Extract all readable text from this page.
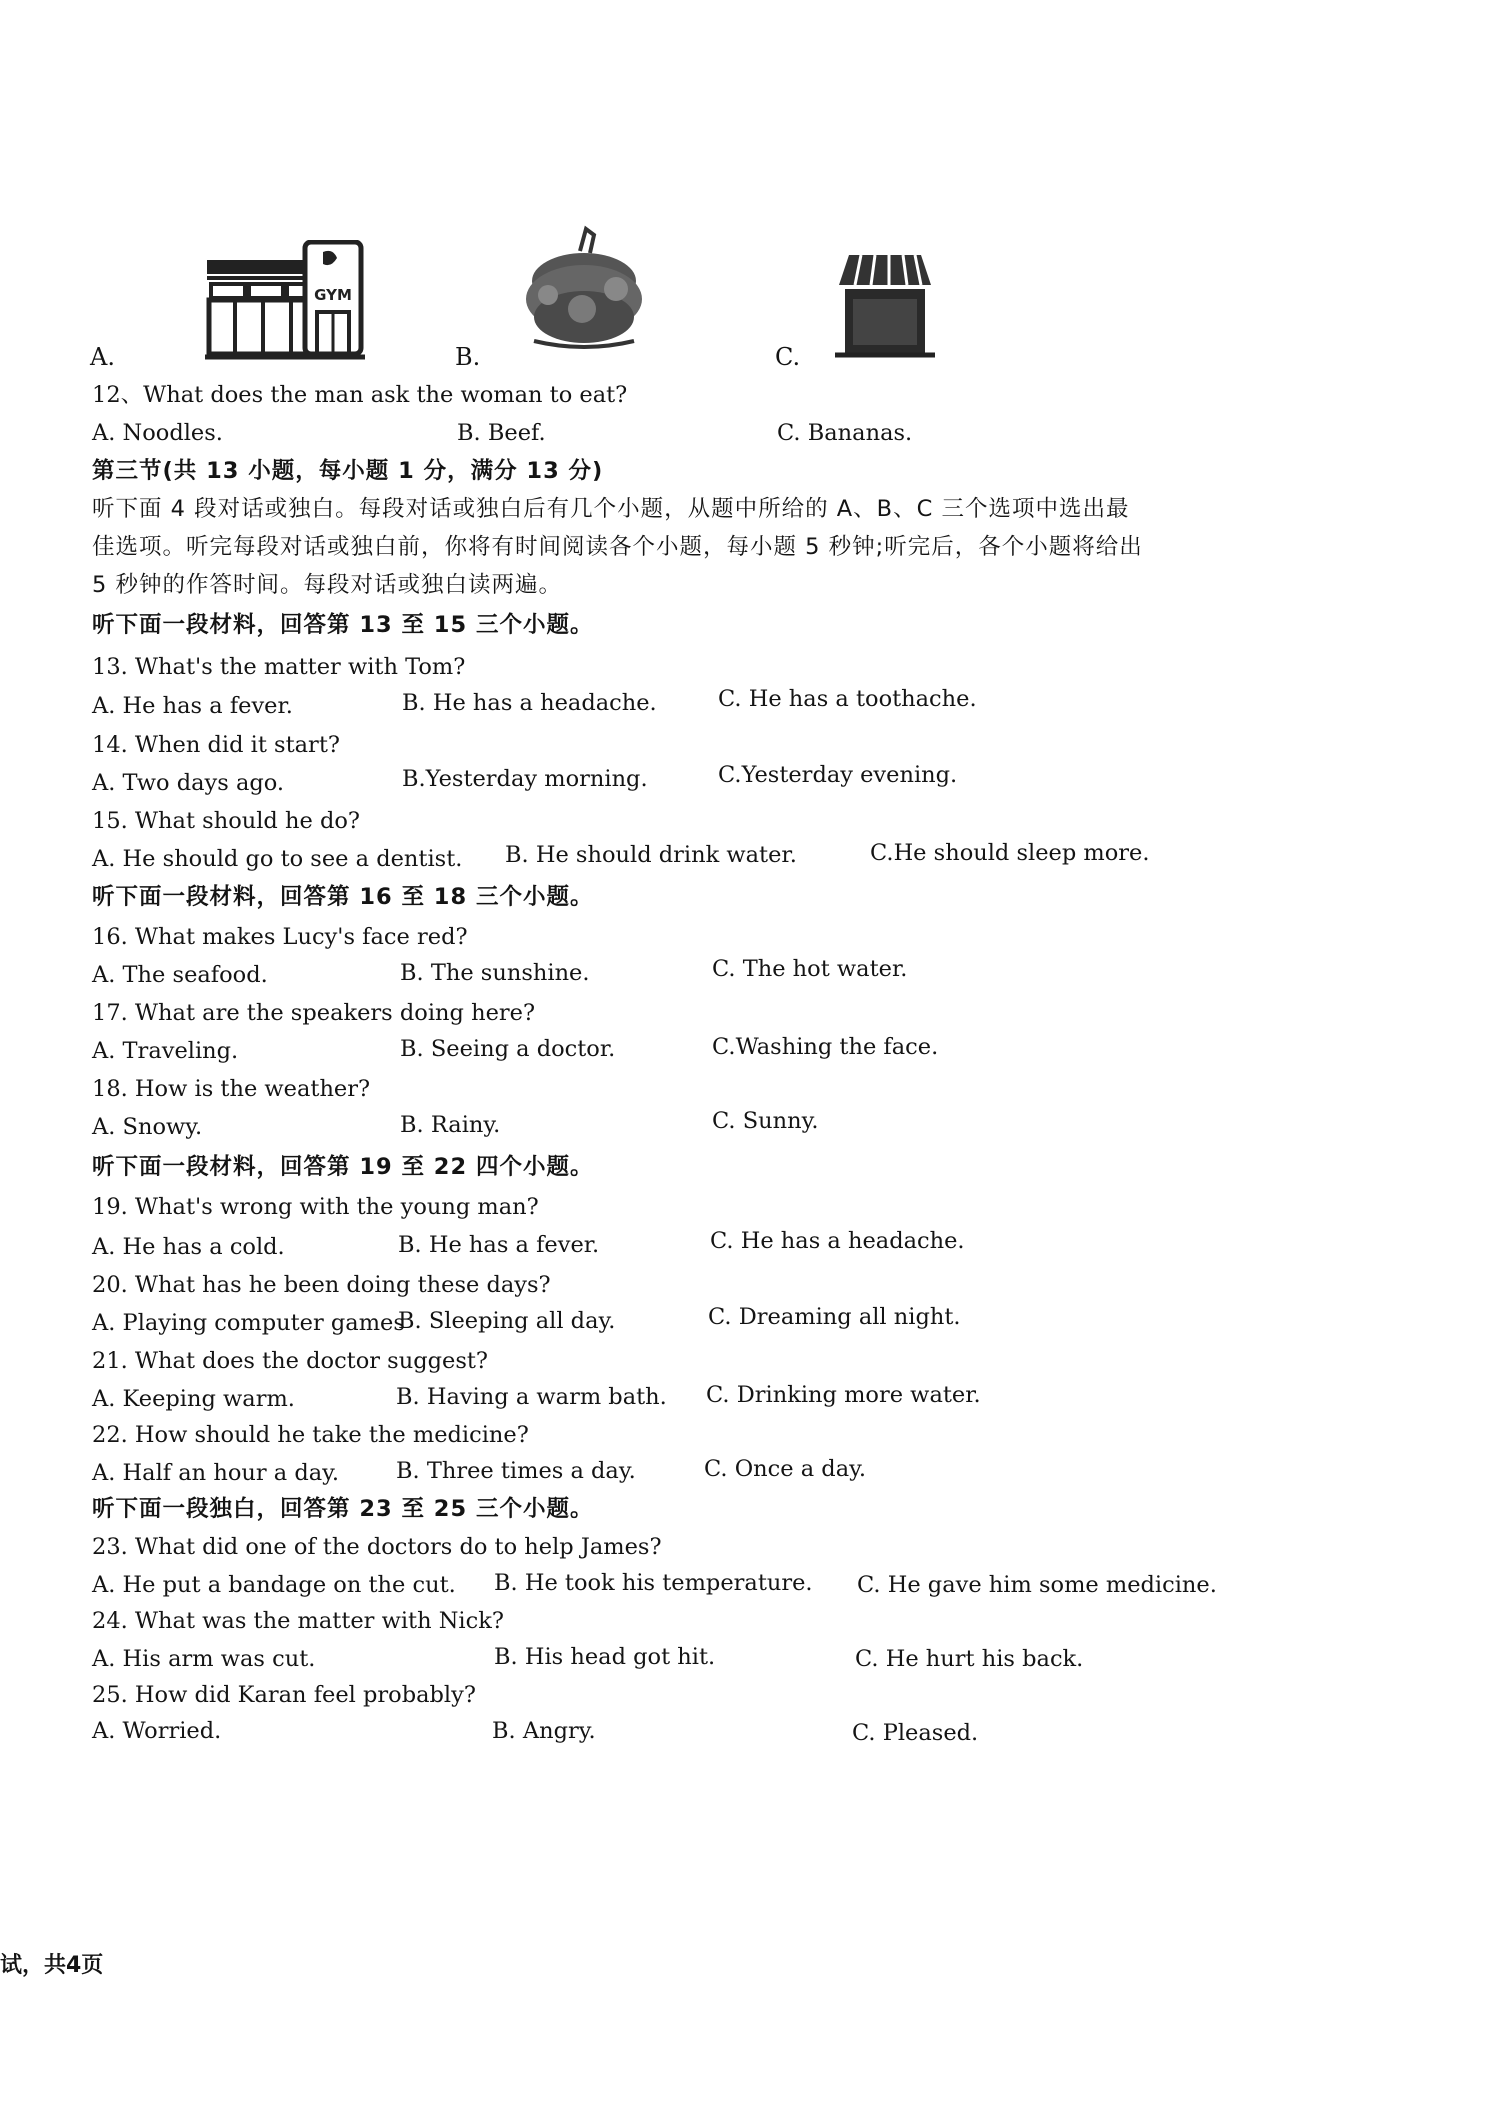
A.
GYM
B.	C.
12、What does the man ask the woman to eat?
A. Noodles.	B. Beef.	C. Bananas.
第三节(共 13 小题，每小题 1 分，满分 13 分)
听下面 4 段对话或独白。每段对话或独白后有几个小题，从题中所给的 A、B、C 三个选项中选出最
佳选项。听完每段对话或独白前，你将有时间阅读各个小题，每小题 5 秒钟;听完后，各个小题将给出
5 秒钟的作答时间。每段对话或独白读两遍。
听下面一段材料，回答第 13 至 15 三个小题。
13. What's the matter with Tom?
A. He has a fever.	B. He has a headache.	C. He has a toothache.
14. When did it start?
A. Two days ago.	B.Yesterday morning.	C.Yesterday evening.
15. What should he do?
A. He should go to see a dentist. B. He should drink water.	C.He should sleep more.
听下面一段材料，回答第 16 至 18 三个小题。
16. What makes Lucy's face red?
A. The seafood.	B. The sunshine.	C. The hot water.
17. What are the speakers doing here?
A. Traveling.	B. Seeing a doctor.	C.Washing the face.
18. How is the weather?
A. Snowy.	B. Rainy.	C. Sunny.
听下面一段材料，回答第 19 至 22 四个小题。
19. What's wrong with the young man?
A. He has a cold.	B. He has a fever.	C. He has a headache.
20. What has he been doing these days?
A. Playing computer games
B. Sleeping all day.	C. Dreaming all night.
21. What does the doctor suggest?
A. Keeping warm.	B. Having a warm bath. C. Drinking more water.
22. How should he take the medicine?
A. Half an hour a day.	B. Three times a day.	C. Once a day.
听下面一段独白，回答第 23 至 25 三个小题。
23. What did one of the doctors do to help James?
A. He put a bandage on the cut. B. He took his temperature. C. He gave him some medicine.
24. What was the matter with Nick?
A. His arm was cut.	B. His head got hit.	C. He hurt his back.
25. How did Karan feel probably?
A. Worried.	B. Angry.	C. Pleased.
试，共4页
